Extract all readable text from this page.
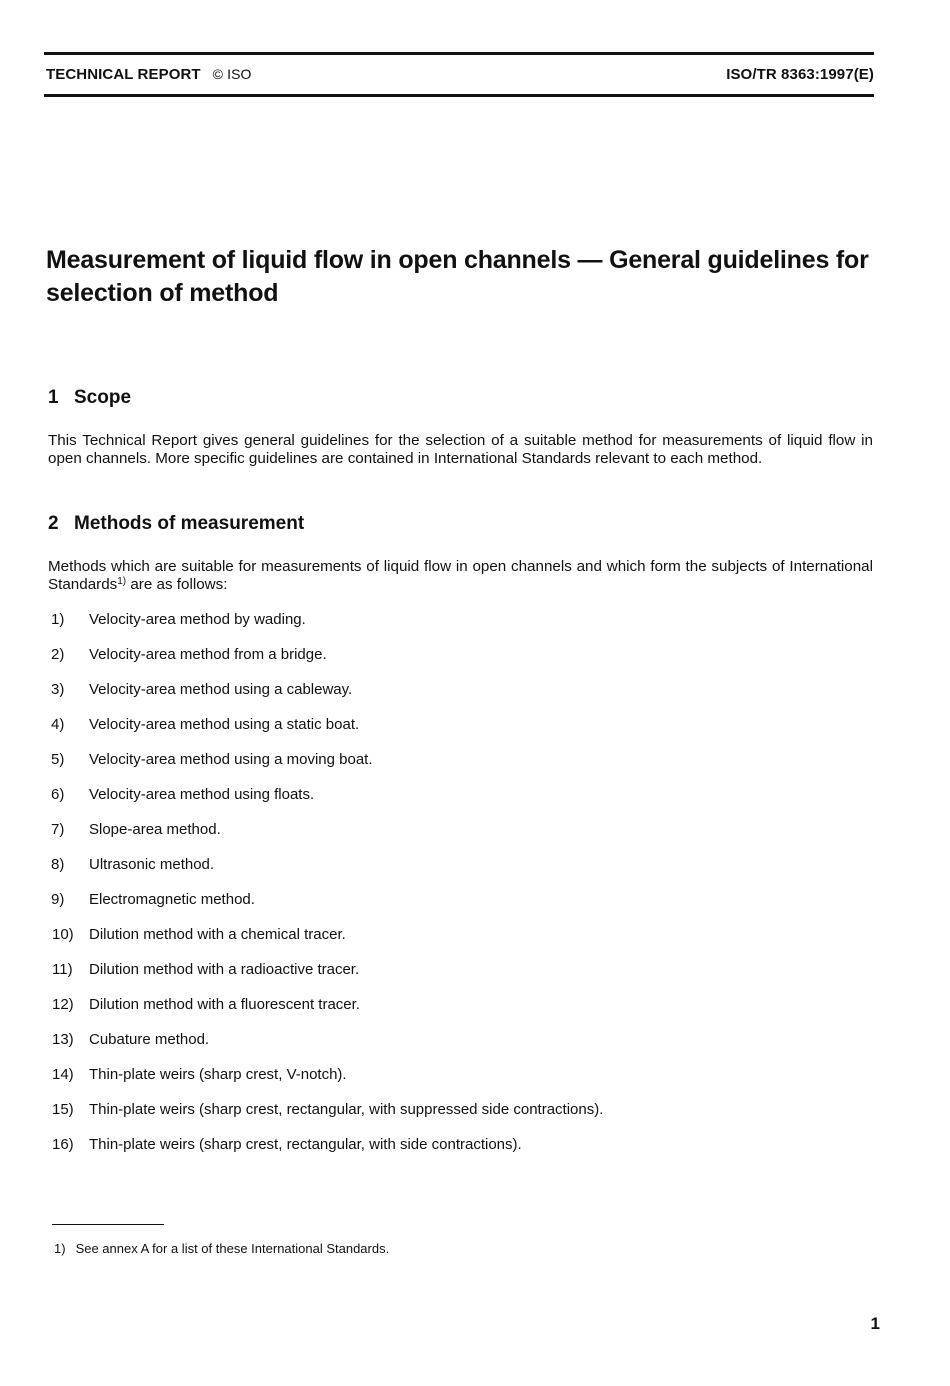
TECHNICAL REPORT © ISO	ISO/TR 8363:1997(E)
Measurement of liquid flow in open channels — General guidelines for selection of method
1 Scope

This Technical Report gives general guidelines for the selection of a suitable method for measurements of liquid flow in open channels. More specific guidelines are contained in International Standards relevant to each method.

2 Methods of measurement

Methods which are suitable for measurements of liquid flow in open channels and which form the subjects of International Standards$^{1)}$ are as follows:

1) Velocity-area method by wading.
2) Velocity-area method from a bridge.
3) Velocity-area method using a cableway.
4) Velocity-area method using a static boat.
5) Velocity-area method using a moving boat.
6) Velocity-area method using floats.
7) Slope-area method.
8) Ultrasonic method.
9) Electromagnetic method.
10) Dilution method with a chemical tracer.
11) Dilution method with a radioactive tracer.
12) Dilution method with a fluorescent tracer.
13) Cubature method.
14) Thin-plate weirs (sharp crest, V-notch).
15) Thin-plate weirs (sharp crest, rectangular, with suppressed side contractions).
16) Thin-plate weirs (sharp crest, rectangular, with side contractions).
1) See annex A for a list of these International Standards.
1
